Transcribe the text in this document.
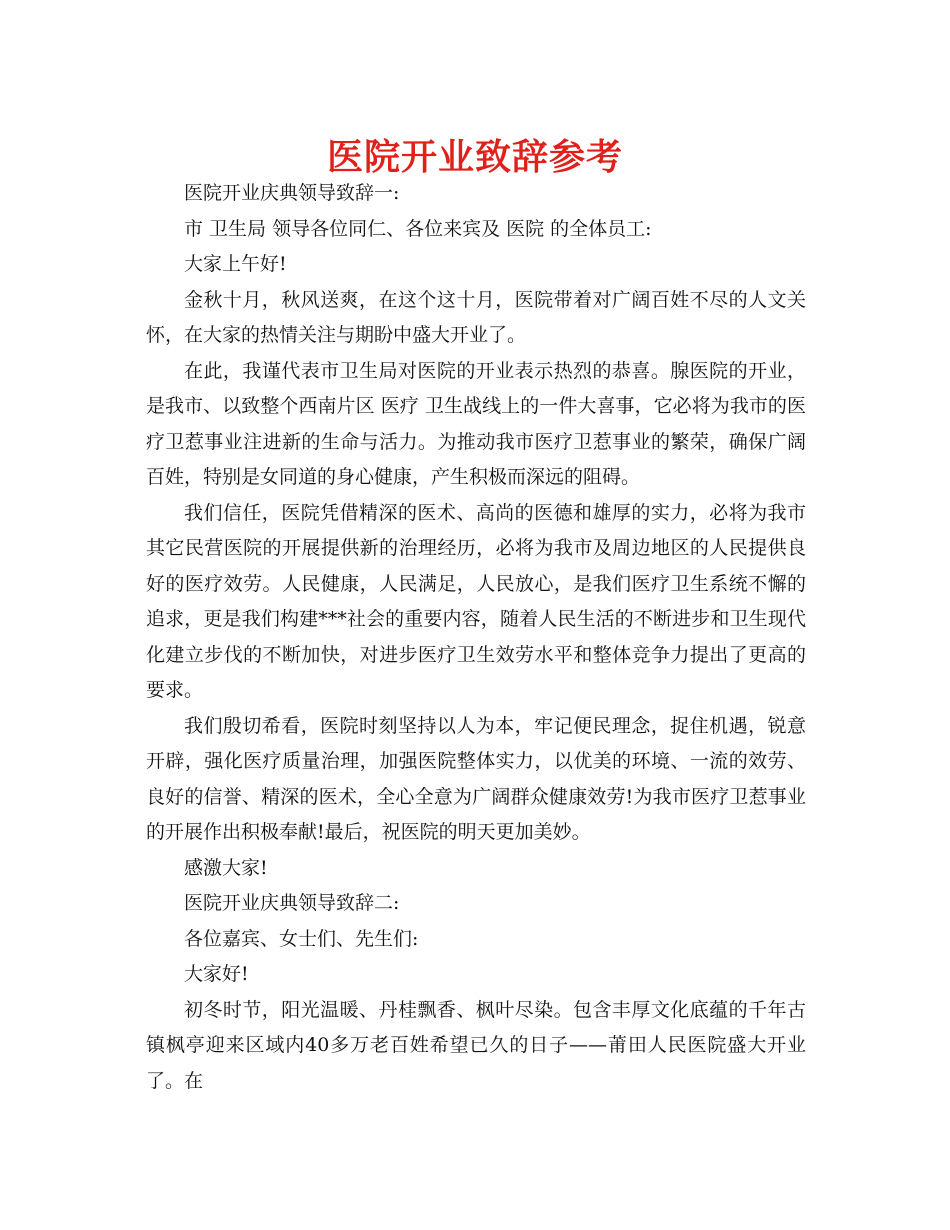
医院开业致辞参考

医院开业庆典领导致辞一:

市 卫生局 领导各位同仁、各位来宾及 医院 的全体员工:

大家上午好!

金秋十月，秋风送爽，在这个这十月，医院带着对广阔百姓不尽的人文关怀，在大家的热情关注与期盼中盛大开业了。

在此，我谨代表市卫生局对医院的开业表示热烈的恭喜。腺医院的开业，是我市、以致整个西南片区 医疗 卫生战线上的一件大喜事，它必将为我市的医疗卫惹事业注进新的生命与活力。为推动我市医疗卫惹事业的繁荣，确保广阔百姓，特别是女同道的身心健康，产生积极而深远的阻碍。

我们信任，医院凭借精深的医术、高尚的医德和雄厚的实力，必将为我市其它民营医院的开展提供新的治理经历，必将为我市及周边地区的人民提供良好的医疗效劳。人民健康，人民满足，人民放心，是我们医疗卫生系统不懈的追求，更是我们构建***社会的重要内容，随着人民生活的不断进步和卫生现代化建立步伐的不断加快，对进步医疗卫生效劳水平和整体竞争力提出了更高的要求。

我们殷切希看，医院时刻坚持以人为本，牢记便民理念，捉住机遇，锐意开辟，强化医疗质量治理，加强医院整体实力，以优美的环境、一流的效劳、良好的信誉、精深的医术，全心全意为广阔群众健康效劳!为我市医疗卫惹事业的开展作出积极奉献!最后，祝医院的明天更加美妙。

感激大家!

医院开业庆典领导致辞二:

各位嘉宾、女士们、先生们:

大家好!

初冬时节，阳光温暖、丹桂飘香、枫叶尽染。包含丰厚文化底蕴的千年古镇枫亭迎来区域内40多万老百姓希望已久的日子——莆田人民医院盛大开业了。在
